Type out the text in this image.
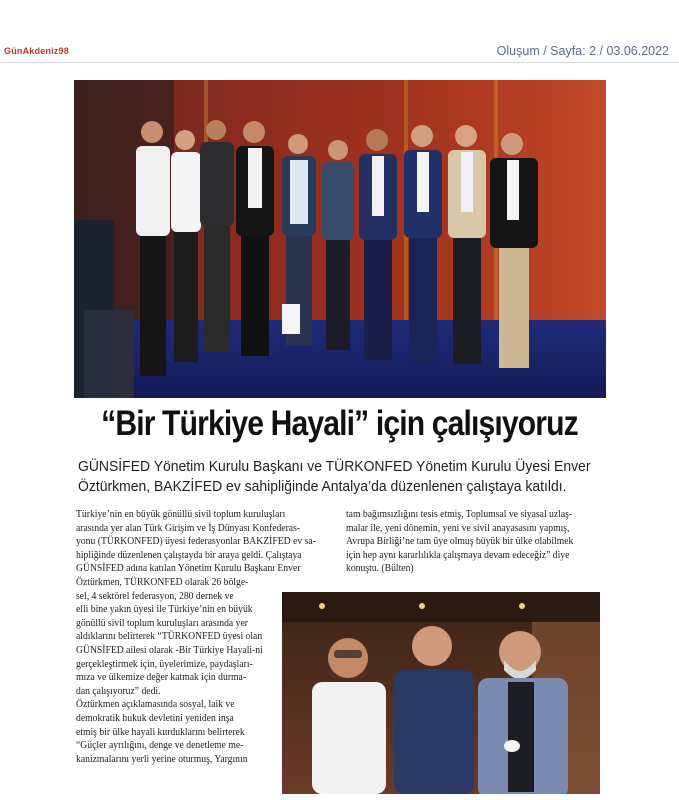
GünAkdeniz98	Oluşum / Sayfa: 2 / 03.06.2022
“Bir Türkiye Hayali” için çalışıyoruz
GÜNSİFED Yönetim Kurulu Başkanı ve TÜRKONFED Yönetim Kurulu Üyesi Enver
Öztürkmen, BAKZİFED ev sahipliğinde Antalya’da düzenlenen çalıştaya katıldı.
Türkiye’nin en büyük gönüllü sivil toplum kuruluşları
arasında yer alan Türk Girişim ve İş Dünyası Konfederas-
yonu (TÜRKONFED) üyesi federasyonlar BAKZİFED ev sa-
hipliğinde düzenlenen çalıştayda bir araya geldi. Çalıştaya
GÜNSİFED adına katılan Yönetim Kurulu Başkanı Enver
Öztürkmen, TÜRKONFED olarak 26 bölge-
sel, 4 sektörel federasyon, 280 dernek ve
elli bine yakın üyesi ile Türkiye’nin en büyük
gönüllü sivil toplum kuruluşları arasında yer
aldıklarını belirterek “TÜRKONFED üyesi olan
GÜNSİFED ailesi olarak -Bir Türkiye Hayali-ni
gerçekleştirmek için, üyelerimize, paydaşları-
mıza ve ülkemize değer katmak için durma-
dan çalışıyoruz” dedi.
Öztürkmen açıklamasında sosyal, laik ve
demokratik hukuk devletini yeniden inşa
etmiş bir ülke hayali kurduklarını belirterek
“Güçler ayrılığını, denge ve denetleme me-
kanizmalarını yerli yerine oturmuş, Yargının
tam bağımsızlığını tesis etmiş, Toplumsal ve siyasal uzlaş-
malar ile, yeni dönemin, yeni ve sivil anayasasını yapmış,
Avrupa Birliği’ne tam üye olmuş büyük bir ülke olabilmek
için hep aynı kararlılıkla çalışmaya devam edeceğiz” diye
konuştu. (Bülten)
